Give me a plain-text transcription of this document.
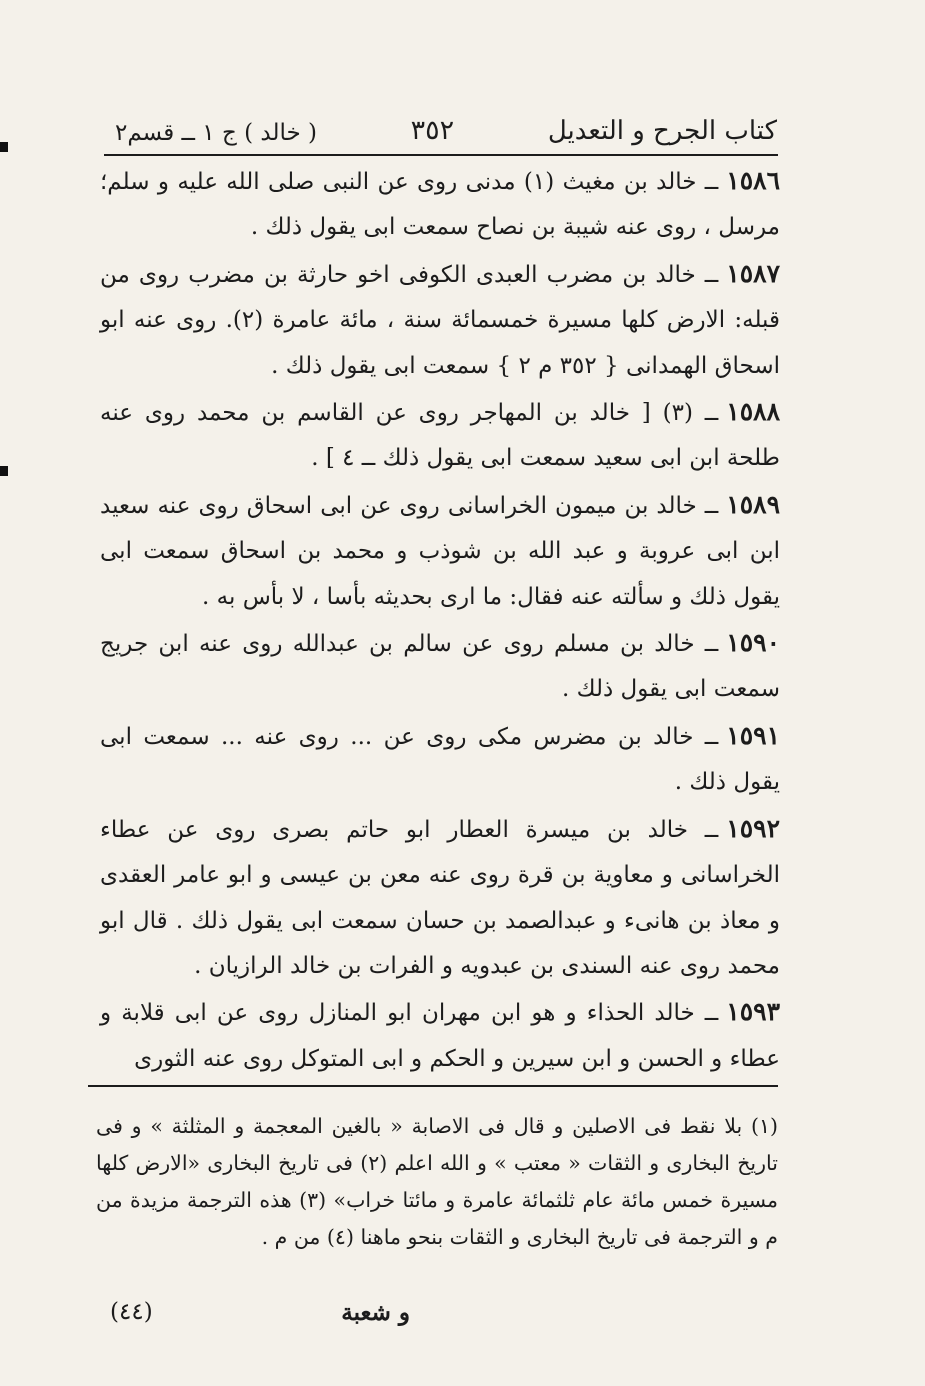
كتاب الجرح و التعديل
٣٥٢
( خالد ) ج ١ ــ قسم٢

١٥٨٦ــ خالد بن مغيث (١) مدنى روى عن النبى صلى الله عليه و سلم؛ مرسل ، روى عنه شيبة بن نصاح سمعت ابى يقول ذلك .

١٥٨٧ــ خالد بن مضرب العبدى الكوفى اخو حارثة بن مضرب روى من قبله: الارض كلها مسيرة خمسمائة سنة ، مائة عامرة (٢). روى عنه ابو اسحاق الهمدانى { ٣٥٢ م ٢ } سمعت ابى يقول ذلك .

١٥٨٨ــ (٣) [ خالد بن المهاجر روى عن القاسم بن محمد روى عنه طلحة ابن ابى سعيد سمعت ابى يقول ذلك ــ ٤ ] .

١٥٨٩ــ خالد بن ميمون الخراسانى روى عن ابى اسحاق روى عنه سعيد ابن ابى عروبة و عبد الله بن شوذب و محمد بن اسحاق سمعت ابى يقول ذلك و سألته عنه فقال: ما ارى بحديثه بأسا ، لا بأس به .

١٥٩٠ــ خالد بن مسلم روى عن سالم بن عبدالله روى عنه ابن جريج سمعت ابى يقول ذلك .

١٥٩١ــ خالد بن مضرس مكى روى عن ... روى عنه ... سمعت ابى يقول ذلك .

١٥٩٢ــ خالد بن ميسرة العطار ابو حاتم بصرى روى عن عطاء الخراسانى و معاوية بن قرة روى عنه معن بن عيسى و ابو عامر العقدى و معاذ بن هانىء و عبدالصمد بن حسان سمعت ابى يقول ذلك . قال ابو محمد روى عنه السندى بن عبدويه و الفرات بن خالد الرازيان .

١٥٩٣ــ خالد الحذاء و هو ابن مهران ابو المنازل روى عن ابى قلابة و عطاء و الحسن و ابن سيرين و الحكم و ابى المتوكل روى عنه الثورى

(١) بلا نقط فى الاصلين و قال فى الاصابة « بالغين المعجمة و المثلثة » و فى تاريخ البخارى و الثقات « معتب » و الله اعلم (٢) فى تاريخ البخارى «الارض كلها مسيرة خمس مائة عام ثلثمائة عامرة و مائتا خراب» (٣) هذه الترجمة مزيدة من م و الترجمة فى تاريخ البخارى و الثقات بنحو ماهنا (٤) من م .

و شعبة
(٤٤)
